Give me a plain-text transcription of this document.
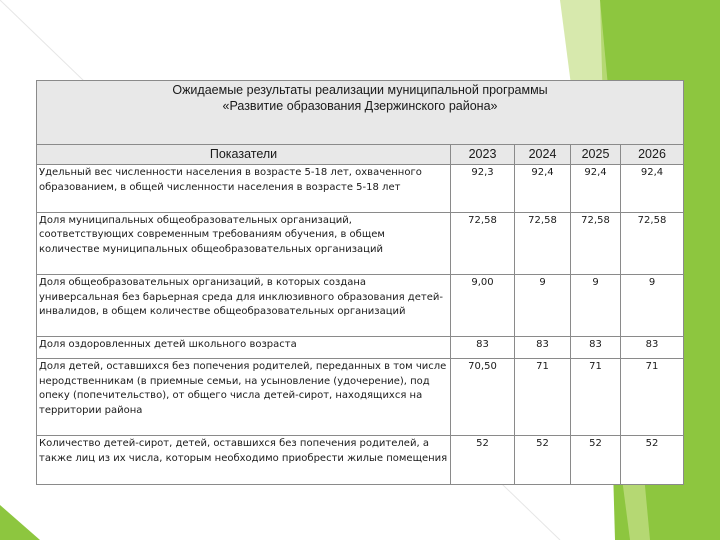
Ожидаемые результаты реализации муниципальной программы
«Развитие образования Дзержинского района»				

Показатели	2023	2024	2025	2026
Удельный вес численности населения в возрасте 5-18 лет, охваченного образованием, в общей численности населения в возрасте 5-18 лет	92,3	92,4	92,4	92,4
Доля муниципальных общеобразовательных организаций, соответствующих современным требованиям обучения, в общем количестве муниципальных общеобразовательных организаций	72,58	72,58	72,58	72,58
Доля общеобразовательных организаций, в которых создана универсальная без барьерная среда для инклюзивного образования детей-инвалидов, в общем количестве общеобразовательных организаций	9,00	9	9	9
Доля оздоровленных детей школьного возраста	83	83	83	83
Доля детей, оставшихся без попечения родителей, переданных в том числе неродственникам (в приемные семьи, на усыновление (удочерение), под опеку (попечительство), от общего числа детей-сирот, находящихся на территории района	70,50	71	71	71
Количество детей-сирот, детей, оставшихся без попечения родителей, а также лиц из их числа, которым необходимо приобрести жилые помещения	52	52	52	52
